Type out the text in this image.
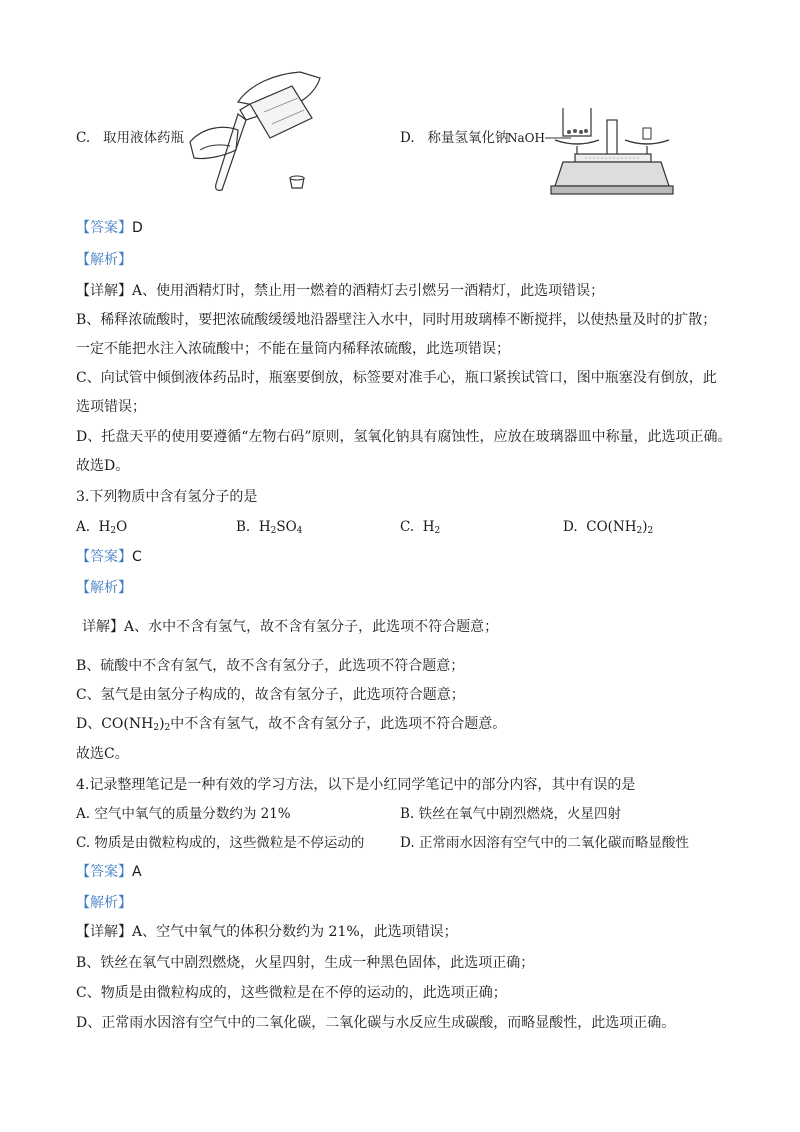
C. 取用液体药瓶	D. 称量氢氧化钠
NaOH
【答案】D
【解析】
【详解】A、使用酒精灯时，禁止用一燃着的酒精灯去引燃另一酒精灯，此选项错误；
B、稀释浓硫酸时，要把浓硫酸缓缓地沿器壁注入水中，同时用玻璃棒不断搅拌，以使热量及时的扩散；
一定不能把水注入浓硫酸中；不能在量筒内稀释浓硫酸，此选项错误；
C、向试管中倾倒液体药品时，瓶塞要倒放，标签要对准手心，瓶口紧挨试管口，图中瓶塞没有倒放，此
选项错误；
D、托盘天平的使用要遵循“左物右码”原则，氢氧化钠具有腐蚀性，应放在玻璃器皿中称量，此选项正确。
故选D。
3.下列物质中含有氢分子的是
A. $H_2O$	B. $H_2SO_4$	C. $H_2$	D. $CO(NH_2)_2$
【答案】C
【解析】
详解】A、水中不含有氢气，故不含有氢分子，此选项不符合题意；
B、硫酸中不含有氢气，故不含有氢分子，此选项不符合题意；
C、氢气是由氢分子构成的，故含有氢分子，此选项符合题意；
D、$CO(NH_2)_2$中不含有氢气，故不含有氢分子，此选项不符合题意。
故选C。
4.记录整理笔记是一种有效的学习方法，以下是小红同学笔记中的部分内容，其中有误的是
A. 空气中氧气的质量分数约为 21%	B. 铁丝在氧气中剧烈燃烧，火星四射
C. 物质是由微粒构成的，这些微粒是不停运动的	D. 正常雨水因溶有空气中的二氧化碳而略显酸性
【答案】A
【解析】
【详解】A、空气中氧气的体积分数约为 21%，此选项错误；
B、铁丝在氧气中剧烈燃烧，火星四射，生成一种黑色固体，此选项正确；
C、物质是由微粒构成的，这些微粒是在不停的运动的，此选项正确；
D、正常雨水因溶有空气中的二氧化碳，二氧化碳与水反应生成碳酸，而略显酸性，此选项正确。
